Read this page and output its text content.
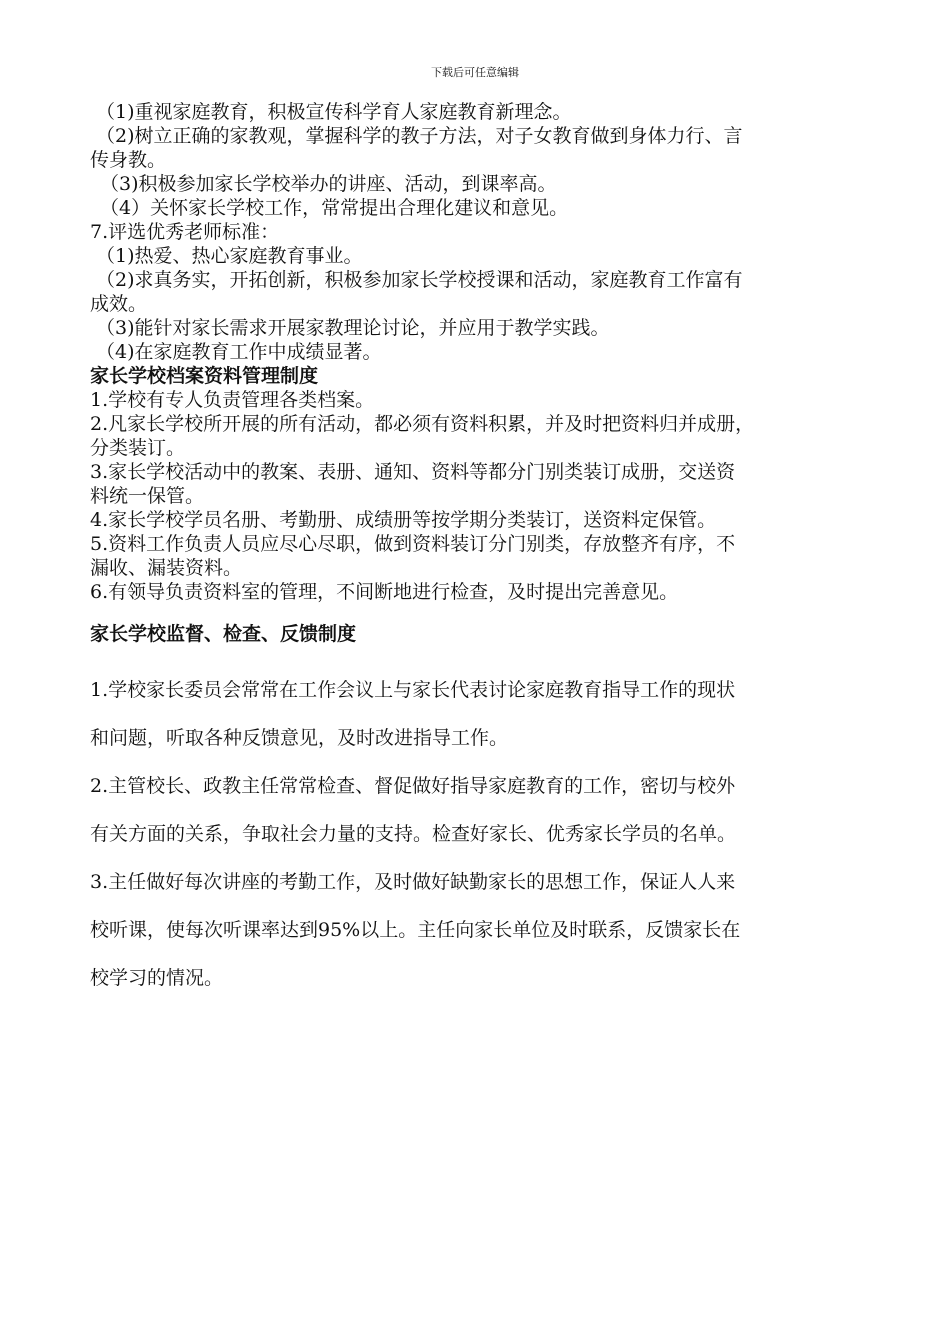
下载后可任意编辑
（1)重视家庭教育，积极宣传科学育人家庭教育新理念。
（2)树立正确的家教观，掌握科学的教子方法，对子女教育做到身体力行、言
传身教。
（3)积极参加家长学校举办的讲座、活动，到课率高。
（4）关怀家长学校工作，常常提出合理化建议和意见。
7.评选优秀老师标准：
（1)热爱、热心家庭教育事业。
（2)求真务实，开拓创新，积极参加家长学校授课和活动，家庭教育工作富有
成效。
（3)能针对家长需求开展家教理论讨论，并应用于教学实践。
（4)在家庭教育工作中成绩显著。
家长学校档案资料管理制度
1.学校有专人负责管理各类档案。
2.凡家长学校所开展的所有活动，都必须有资料积累，并及时把资料归并成册，
分类装订。
3.家长学校活动中的教案、表册、通知、资料等都分门别类装订成册，交送资
料统一保管。
4.家长学校学员名册、考勤册、成绩册等按学期分类装订，送资料定保管。
5.资料工作负责人员应尽心尽职，做到资料装订分门别类，存放整齐有序，不
漏收、漏装资料。
6.有领导负责资料室的管理，不间断地进行检查，及时提出完善意见。
家长学校监督、检查、反馈制度
1.学校家长委员会常常在工作会议上与家长代表讨论家庭教育指导工作的现状
和问题，听取各种反馈意见，及时改进指导工作。
2.主管校长、政教主任常常检查、督促做好指导家庭教育的工作，密切与校外
有关方面的关系，争取社会力量的支持。检查好家长、优秀家长学员的名单。
3.主任做好每次讲座的考勤工作，及时做好缺勤家长的思想工作，保证人人来
校听课，使每次听课率达到95%以上。主任向家长单位及时联系，反馈家长在
校学习的情况。
